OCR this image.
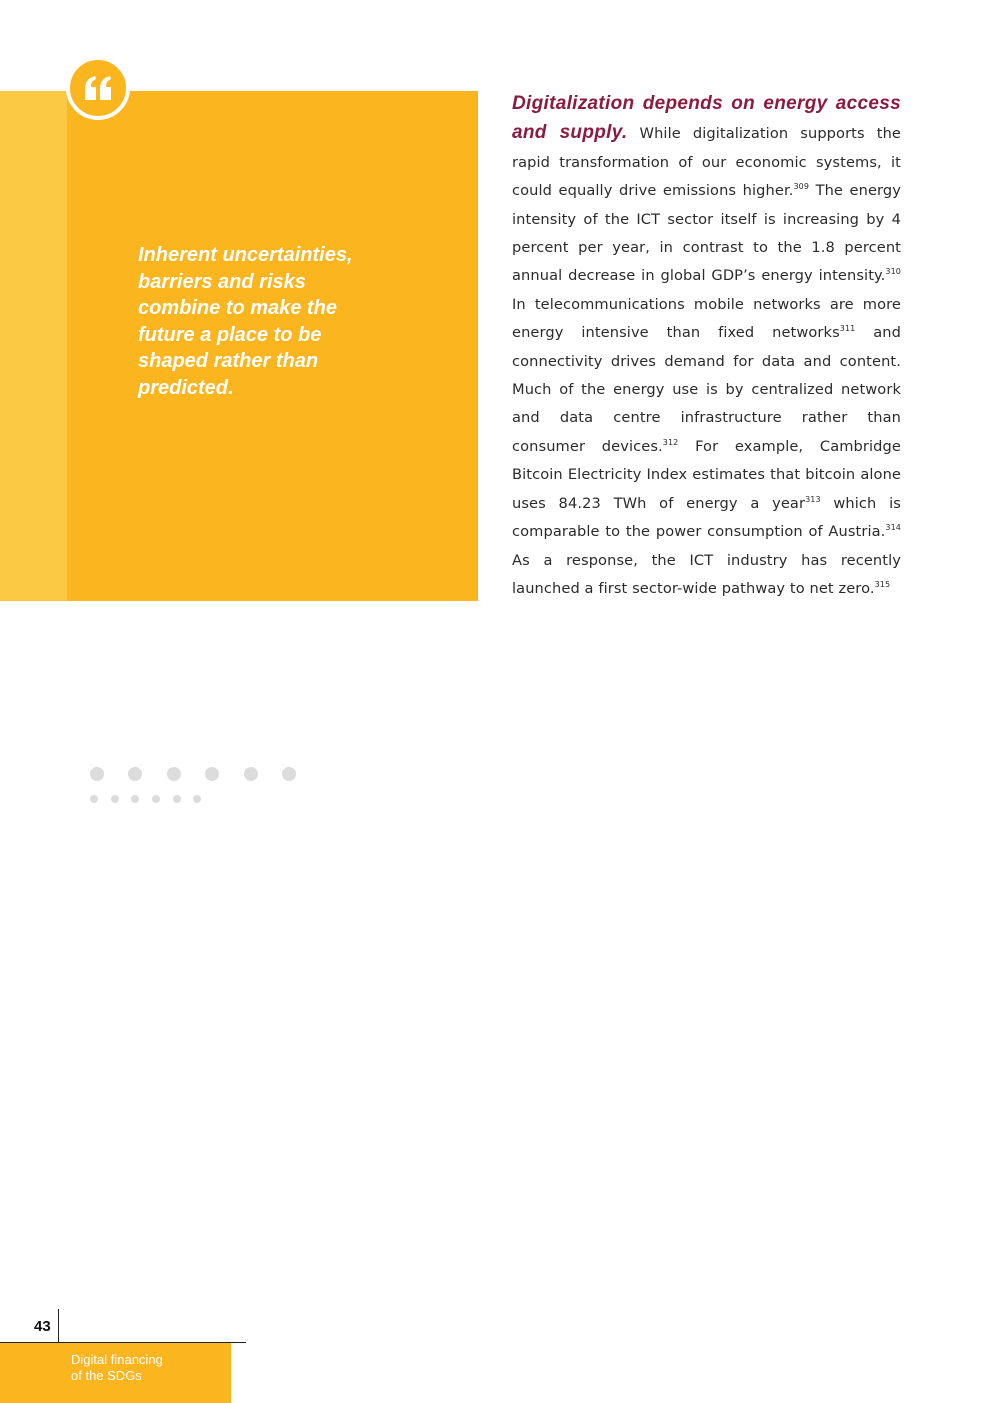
Inherent uncertainties,
barriers and risks
combine to make the
future a place to be
shaped rather than
predicted.

Digitalization depends on energy access and supply. While digitalization supports the rapid transformation of our economic systems, it could equally drive emissions higher.$^{309}$ The energy intensity of the ICT sector itself is increasing by 4 percent per year, in contrast to the 1.8 percent annual decrease in global GDP’s energy intensity.$^{310}$ In telecommunications mobile networks are more energy intensive than fixed networks$^{311}$ and connectivity drives demand for data and content. Much of the energy use is by centralized network and data centre infrastructure rather than consumer devices.$^{312}$ For example, Cambridge Bitcoin Electricity Index estimates that bitcoin alone uses 84.23 TWh of energy a year$^{313}$ which is comparable to the power consumption of Austria.$^{314}$ As a response, the ICT industry has recently launched a first sector-wide pathway to net zero.$^{315}$

43
Digital financing
of the SDGs
